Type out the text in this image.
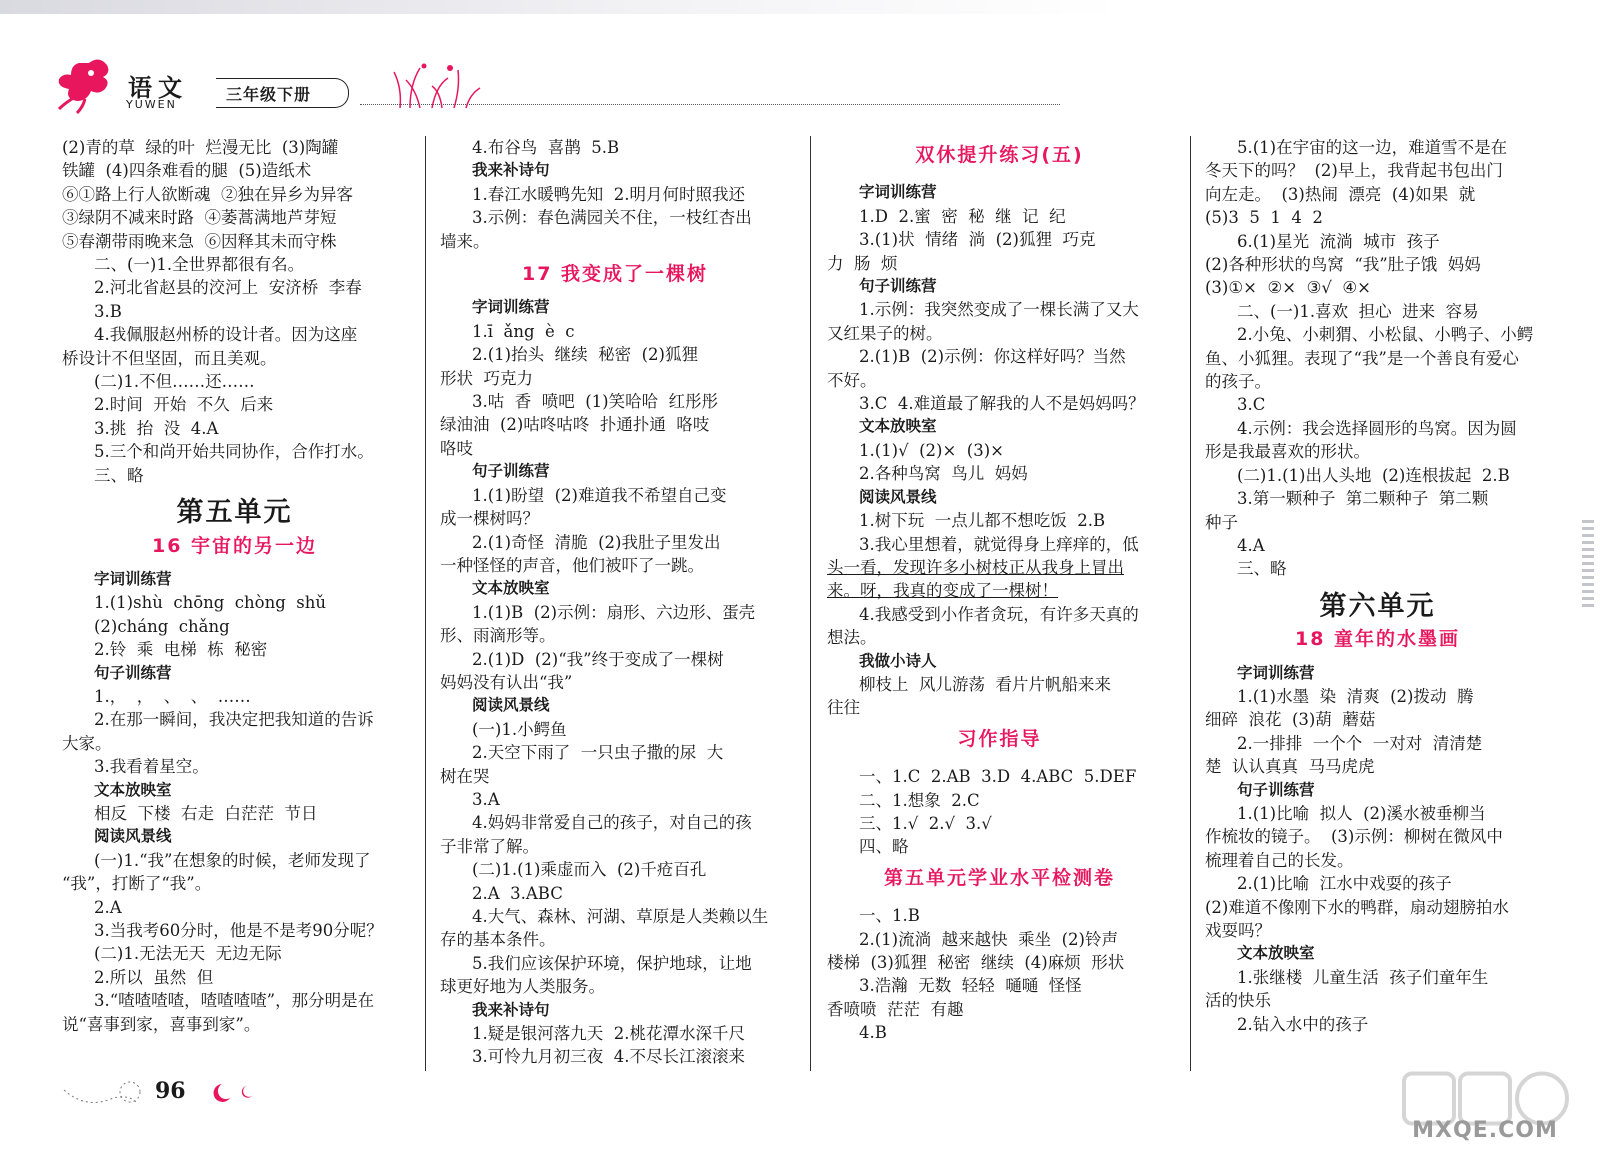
语文
YUWEN
三年级下册
(2)青的草  绿的叶  烂漫无比  (3)陶罐
铁罐  (4)四条难看的腿  (5)造纸术
⑥①路上行人欲断魂  ②独在异乡为异客
③绿阴不减来时路  ④萎蒿满地芦芽短
⑤春潮带雨晚来急  ⑥因释其未而守株
二、(一)1.全世界都很有名。
2.河北省赵县的洨河上  安济桥  李春
3.B
4.我佩服赵州桥的设计者。因为这座
桥设计不但坚固，而且美观。
(二)1.不但……还……
2.时间  开始  不久  后来
3.挑  抬  没  4.A
5.三个和尚开始共同协作，合作打水。
三、略
第五单元
16 宇宙的另一边
字词训练营
1.(1)shù  chōng  chòng  shǔ
(2)cháng  chǎng
2.铃  乘  电梯  栋  秘密
句子训练营
1.，  ，  、  、  ……
2.在那一瞬间，我决定把我知道的告诉
大家。
3.我看着星空。
文本放映室
相反  下楼  右走  白茫茫  节日
阅读风景线
(一)1.“我”在想象的时候，老师发现了
“我”，打断了“我”。
2.A
3.当我考60分时，他是不是考90分呢？
(二)1.无法无天  无边无际
2.所以  虽然  但
3.“喳喳喳喳，喳喳喳喳”，那分明是在
说“喜事到家，喜事到家”。
4.布谷鸟  喜鹊  5.B
我来补诗句
1.春江水暖鸭先知  2.明月何时照我还
3.示例：春色满园关不住，一枝红杏出
墙来。
17 我变成了一棵树
字词训练营
1.ī  ǎng  è  c
2.(1)抬头  继续  秘密  (2)狐狸
形状  巧克力
3.咕  香  喷吧  (1)笑哈哈  红彤彤
绿油油  (2)咕咚咕咚  扑通扑通  咯吱
咯吱
句子训练营
1.(1)盼望  (2)难道我不希望自己变
成一棵树吗？
2.(1)奇怪  清脆  (2)我肚子里发出
一种怪怪的声音，他们被吓了一跳。
文本放映室
1.(1)B  (2)示例：扇形、六边形、蛋壳
形、雨滴形等。
2.(1)D  (2)“我”终于变成了一棵树
妈妈没有认出“我”
阅读风景线
(一)1.小鳄鱼
2.天空下雨了  一只虫子撒的尿  大
树在哭
3.A
4.妈妈非常爱自己的孩子，对自己的孩
子非常了解。
(二)1.(1)乘虚而入  (2)千疮百孔
2.A  3.ABC
4.大气、森林、河湖、草原是人类赖以生
存的基本条件。
5.我们应该保护环境，保护地球，让地
球更好地为人类服务。
我来补诗句
1.疑是银河落九天  2.桃花潭水深千尺
3.可怜九月初三夜  4.不尽长江滚滚来
双休提升练习(五)
字词训练营
1.D  2.蜜  密  秘  继  记  纪
3.(1)状  情绪  淌  (2)狐狸  巧克
力  肠  烦
句子训练营
1.示例：我突然变成了一棵长满了又大
又红果子的树。
2.(1)B  (2)示例：你这样好吗？当然
不好。
3.C  4.难道最了解我的人不是妈妈吗？
文本放映室
1.(1)√  (2)×  (3)×
2.各种鸟窝  鸟儿  妈妈
阅读风景线
1.树下玩  一点儿都不想吃饭  2.B
3.我心里想着，就觉得身上痒痒的，低
头一看，发现许多小树枝正从我身上冒出
来。呀，我真的变成了一棵树！
4.我感受到小作者贪玩，有许多天真的
想法。
我做小诗人
柳枝上  风儿游荡  看片片帆船来来
往往
习作指导
一、1.C  2.AB  3.D  4.ABC  5.DEF
二、1.想象  2.C
三、1.√  2.√  3.√
四、略
第五单元学业水平检测卷
一、1.B
2.(1)流淌  越来越快  乘坐  (2)铃声
楼梯  (3)狐狸  秘密  继续  (4)麻烦  形状
3.浩瀚  无数  轻轻  嗵嗵  怪怪
香喷喷  茫茫  有趣
4.B
5.(1)在宇宙的这一边，难道雪不是在
冬天下的吗？  (2)早上，我背起书包出门
向左走。  (3)热闹  漂亮  (4)如果  就
(5)3  5  1  4  2
6.(1)星光  流淌  城市  孩子
(2)各种形状的鸟窝  “我”肚子饿  妈妈
(3)①×  ②×  ③√  ④×
二、(一)1.喜欢  担心  进来  容易
2.小兔、小刺猬、小松鼠、小鸭子、小鳄
鱼、小狐狸。表现了“我”是一个善良有爱心
的孩子。
3.C
4.示例：我会选择圆形的鸟窝。因为圆
形是我最喜欢的形状。
(二)1.(1)出人头地  (2)连根拔起  2.B
3.第一颗种子  第二颗种子  第二颗
种子
4.A
三、略
第六单元
18 童年的水墨画
字词训练营
1.(1)水墨  染  清爽  (2)拨动  腾
细碎  浪花  (3)葫  蘑菇
2.一排排  一个个  一对对  清清楚
楚  认认真真  马马虎虎
句子训练营
1.(1)比喻  拟人  (2)溪水被垂柳当
作梳妆的镜子。  (3)示例：柳树在微风中
梳理着自己的长发。
2.(1)比喻  江水中戏耍的孩子
(2)难道不像刚下水的鸭群，扇动翅膀拍水
戏耍吗？
文本放映室
1.张继楼  儿童生活  孩子们童年生
活的快乐
2.钻入水中的孩子
96
MXQE.COM
